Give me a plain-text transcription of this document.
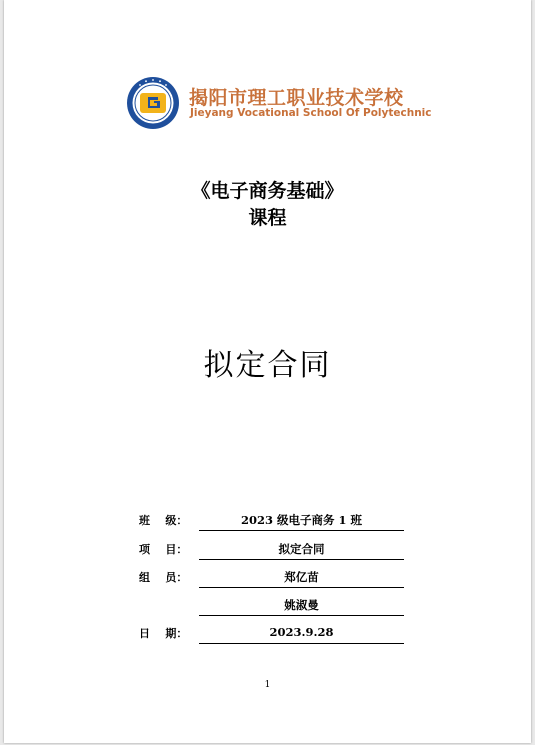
揭阳市理工职业技术学校
Jieyang Vocational School Of Polytechnic
《电子商务基础》
课程
拟定合同
班    级：	2023 级电子商务 1 班
项    目：	拟定合同
组    员：	郑亿苗
姚淑曼
日    期：	2023.9.28
1
